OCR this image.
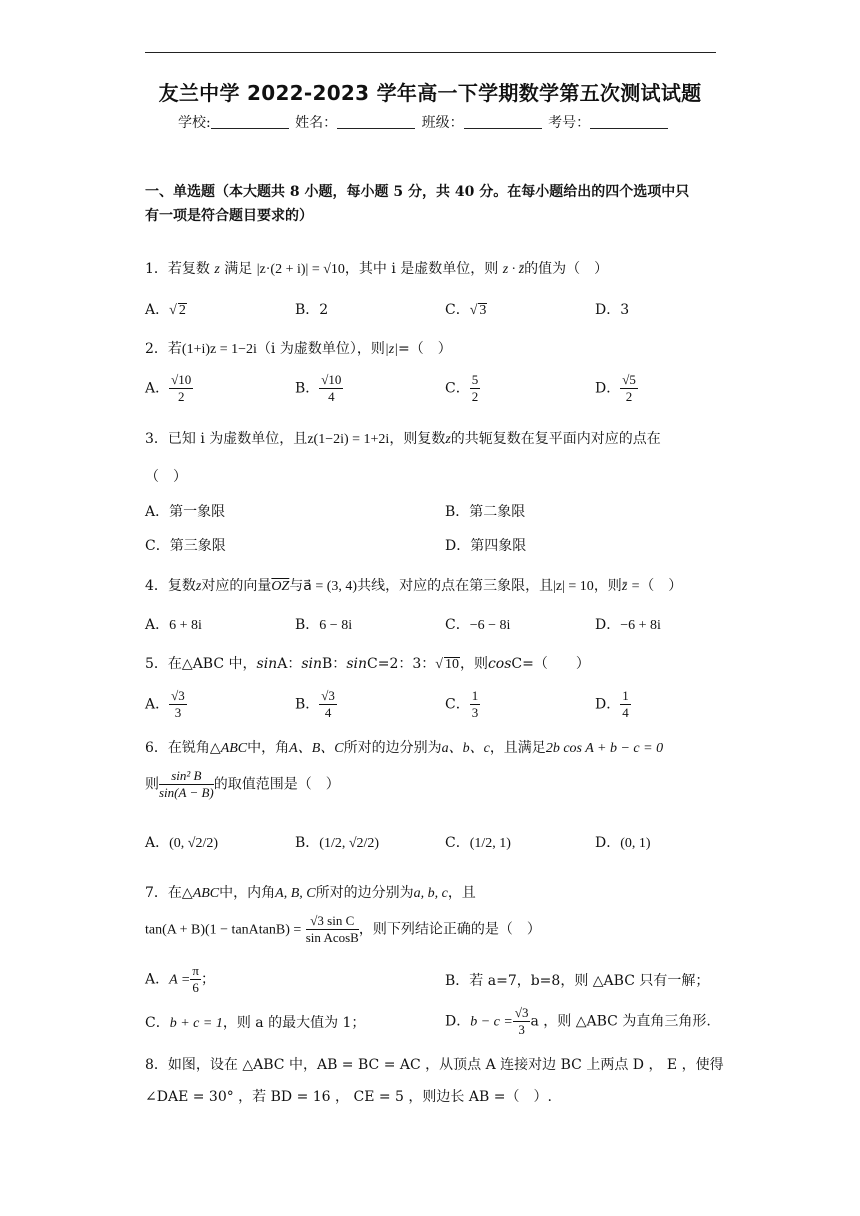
友兰中学 2022-2023 学年高一下学期数学第五次测试试题
学校:	姓名：	班级：	考号：
一、单选题（本大题共 8 小题，每小题 5 分，共 40 分。在每小题给出的四个选项中只
有一项是符合题目要求的）
1．若复数 z 满足 |z·(2 + i)| = √10，其中 i 是虚数单位，则 z · z̄的值为（　）
A．√ 2	B．2	C．√ 3	D．3
2．若(1+i)z = 1−2i（i 为虚数单位），则|z|=（　）
A． $\frac{√10}{2}$	B． $\frac{√10}{4}$	C． $\frac{5}{2}$	D． $\frac{√5}{2}$
3．已知 i 为虚数单位，且z(1−2i) = 1+2i，则复数z的共轭复数在复平面内对应的点在
（　）
A．第一象限	B．第二象限
C．第三象限	D．第四象限
4．复数z对应的向量$\overline{OZ}$与a⃗ = (3, 4)共线，对应的点在第三象限，且|z| = 10，则z̄ =（　）
A．6 + 8i	B．6 − 8i	C．−6 − 8i	D．−6 + 8i
5．在△ABC 中，sinA：sinB：sinC=2：3：√ 10，则cosC=（　　）
A． $\frac{√3}{3}$	B． $\frac{√3}{4}$	C． $\frac{1}{3}$	D． $\frac{1}{4}$
6．在锐角△ABC中，角A、B、C所对的边分别为a、b、c，且满足2b cos A + b − c = 0
则 $\frac{\text{sin² B}}{\sin(A - B)}$ 的取值范围是（　）
A．(0, √2/2)	B．(1/2, √2/2)	C．(1/2, 1)	D．(0, 1)
7．在△ABC中，内角A, B, C所对的边分别为a, b, c，且
tan(A + B)(1 − tanAtanB) = $\frac{\text{√3 sin C}}{\text{sin AcosB}}$ ，则下列结论正确的是（　）
A．$A = \frac{\pi}{6}$ ；	B．若 a=7，b=8，则 △ABC 只有一解；
C．b + c = 1，则 a 的最大值为 1；	D．$b - c = \frac{√3}{3}$ a ，则 △ABC 为直角三角形.
8．如图，设在 △ABC 中，AB = BC = AC ，从顶点 A 连接对边 BC 上两点 D ， E ，使得
∠DAE = 30° ，若 BD = 16 ， CE = 5 ，则边长 AB =（　）.
